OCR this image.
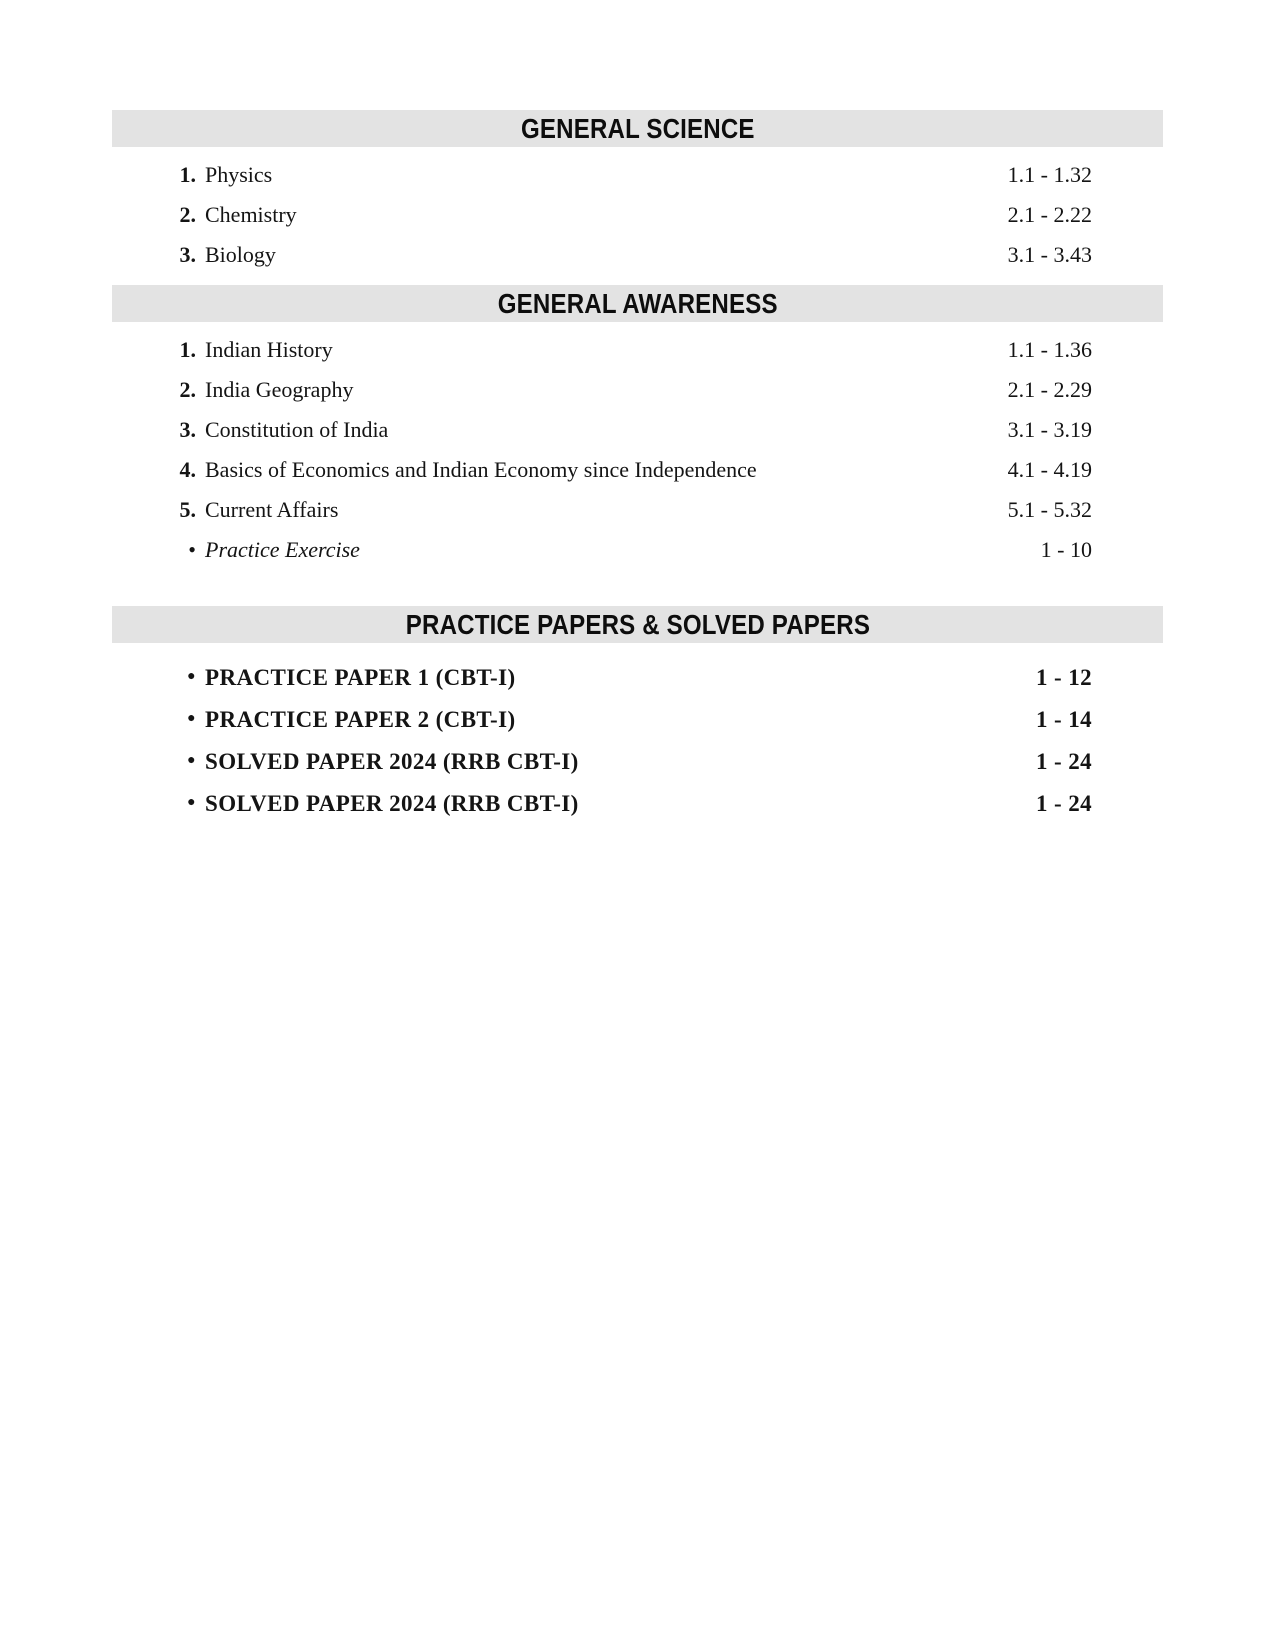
GENERAL SCIENCE
1. Physics	1.1 - 1.32
2. Chemistry	2.1 - 2.22
3. Biology	3.1 - 3.43
GENERAL AWARENESS
1. Indian History	1.1 - 1.36
2. India Geography	2.1 - 2.29
3. Constitution of India	3.1 - 3.19
4. Basics of Economics and Indian Economy since Independence	4.1 - 4.19
5. Current Affairs	5.1 - 5.32
• Practice Exercise	1 - 10
PRACTICE PAPERS & SOLVED PAPERS
● PRACTICE PAPER 1 (CBT-I)	1 - 12
● PRACTICE PAPER 2 (CBT-I)	1 - 14
● SOLVED PAPER 2024 (RRB CBT-I)	1 - 24
● SOLVED PAPER 2024 (RRB CBT-I)	1 - 24
